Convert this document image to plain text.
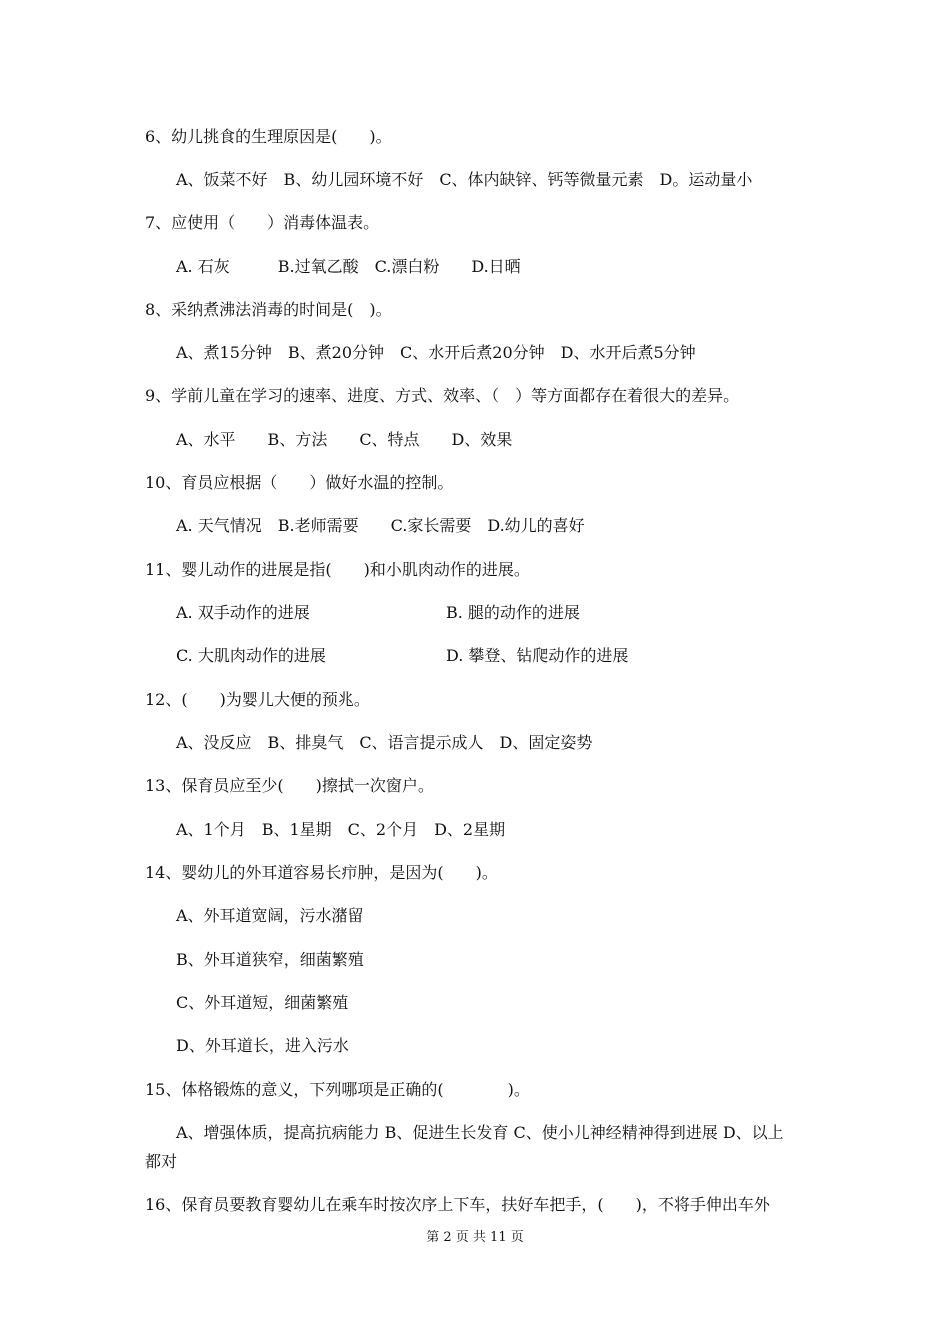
6、幼儿挑食的生理原因是(　　)。
A、饭菜不好　B、幼儿园环境不好　C、体内缺锌、钙等微量元素　D。运动量小
7、应使用（　　）消毒体温表。
A. 石灰　　　B.过氧乙酸　C.漂白粉　　D.日晒
8、采纳煮沸法消毒的时间是(　)。
A、煮15分钟　B、煮20分钟　C、水开后煮20分钟　D、水开后煮5分钟
9、学前儿童在学习的速率、进度、方式、效率、（　）等方面都存在着很大的差异。
A、水平　　B、方法　　C、特点　　D、效果
10、育员应根据（　　）做好水温的控制。
A. 天气情况　B.老师需要　　C.家长需要　D.幼儿的喜好
11、婴儿动作的进展是指(　　)和小肌肉动作的进展。
A. 双手动作的进展	B. 腿的动作的进展
C. 大肌肉动作的进展	D. 攀登、钻爬动作的进展
12、(　　)为婴儿大便的预兆。
A、没反应　B、排臭气　C、语言提示成人　D、固定姿势
13、保育员应至少(　　)擦拭一次窗户。
A、1个月　B、1星期　C、2个月　D、2星期
14、婴幼儿的外耳道容易长疖肿，是因为(　　)。
A、外耳道宽阔，污水潴留
B、外耳道狭窄，细菌繁殖
C、外耳道短，细菌繁殖
D、外耳道长，进入污水
15、体格锻炼的意义，下列哪项是正确的(　　　　)。
A、增强体质，提高抗病能力 B、促进生长发育 C、使小儿神经精神得到进展 D、以上
都对
16、保育员要教育婴幼儿在乘车时按次序上下车，扶好车把手，(　　)，不将手伸出车外
第 2 页 共 11 页
